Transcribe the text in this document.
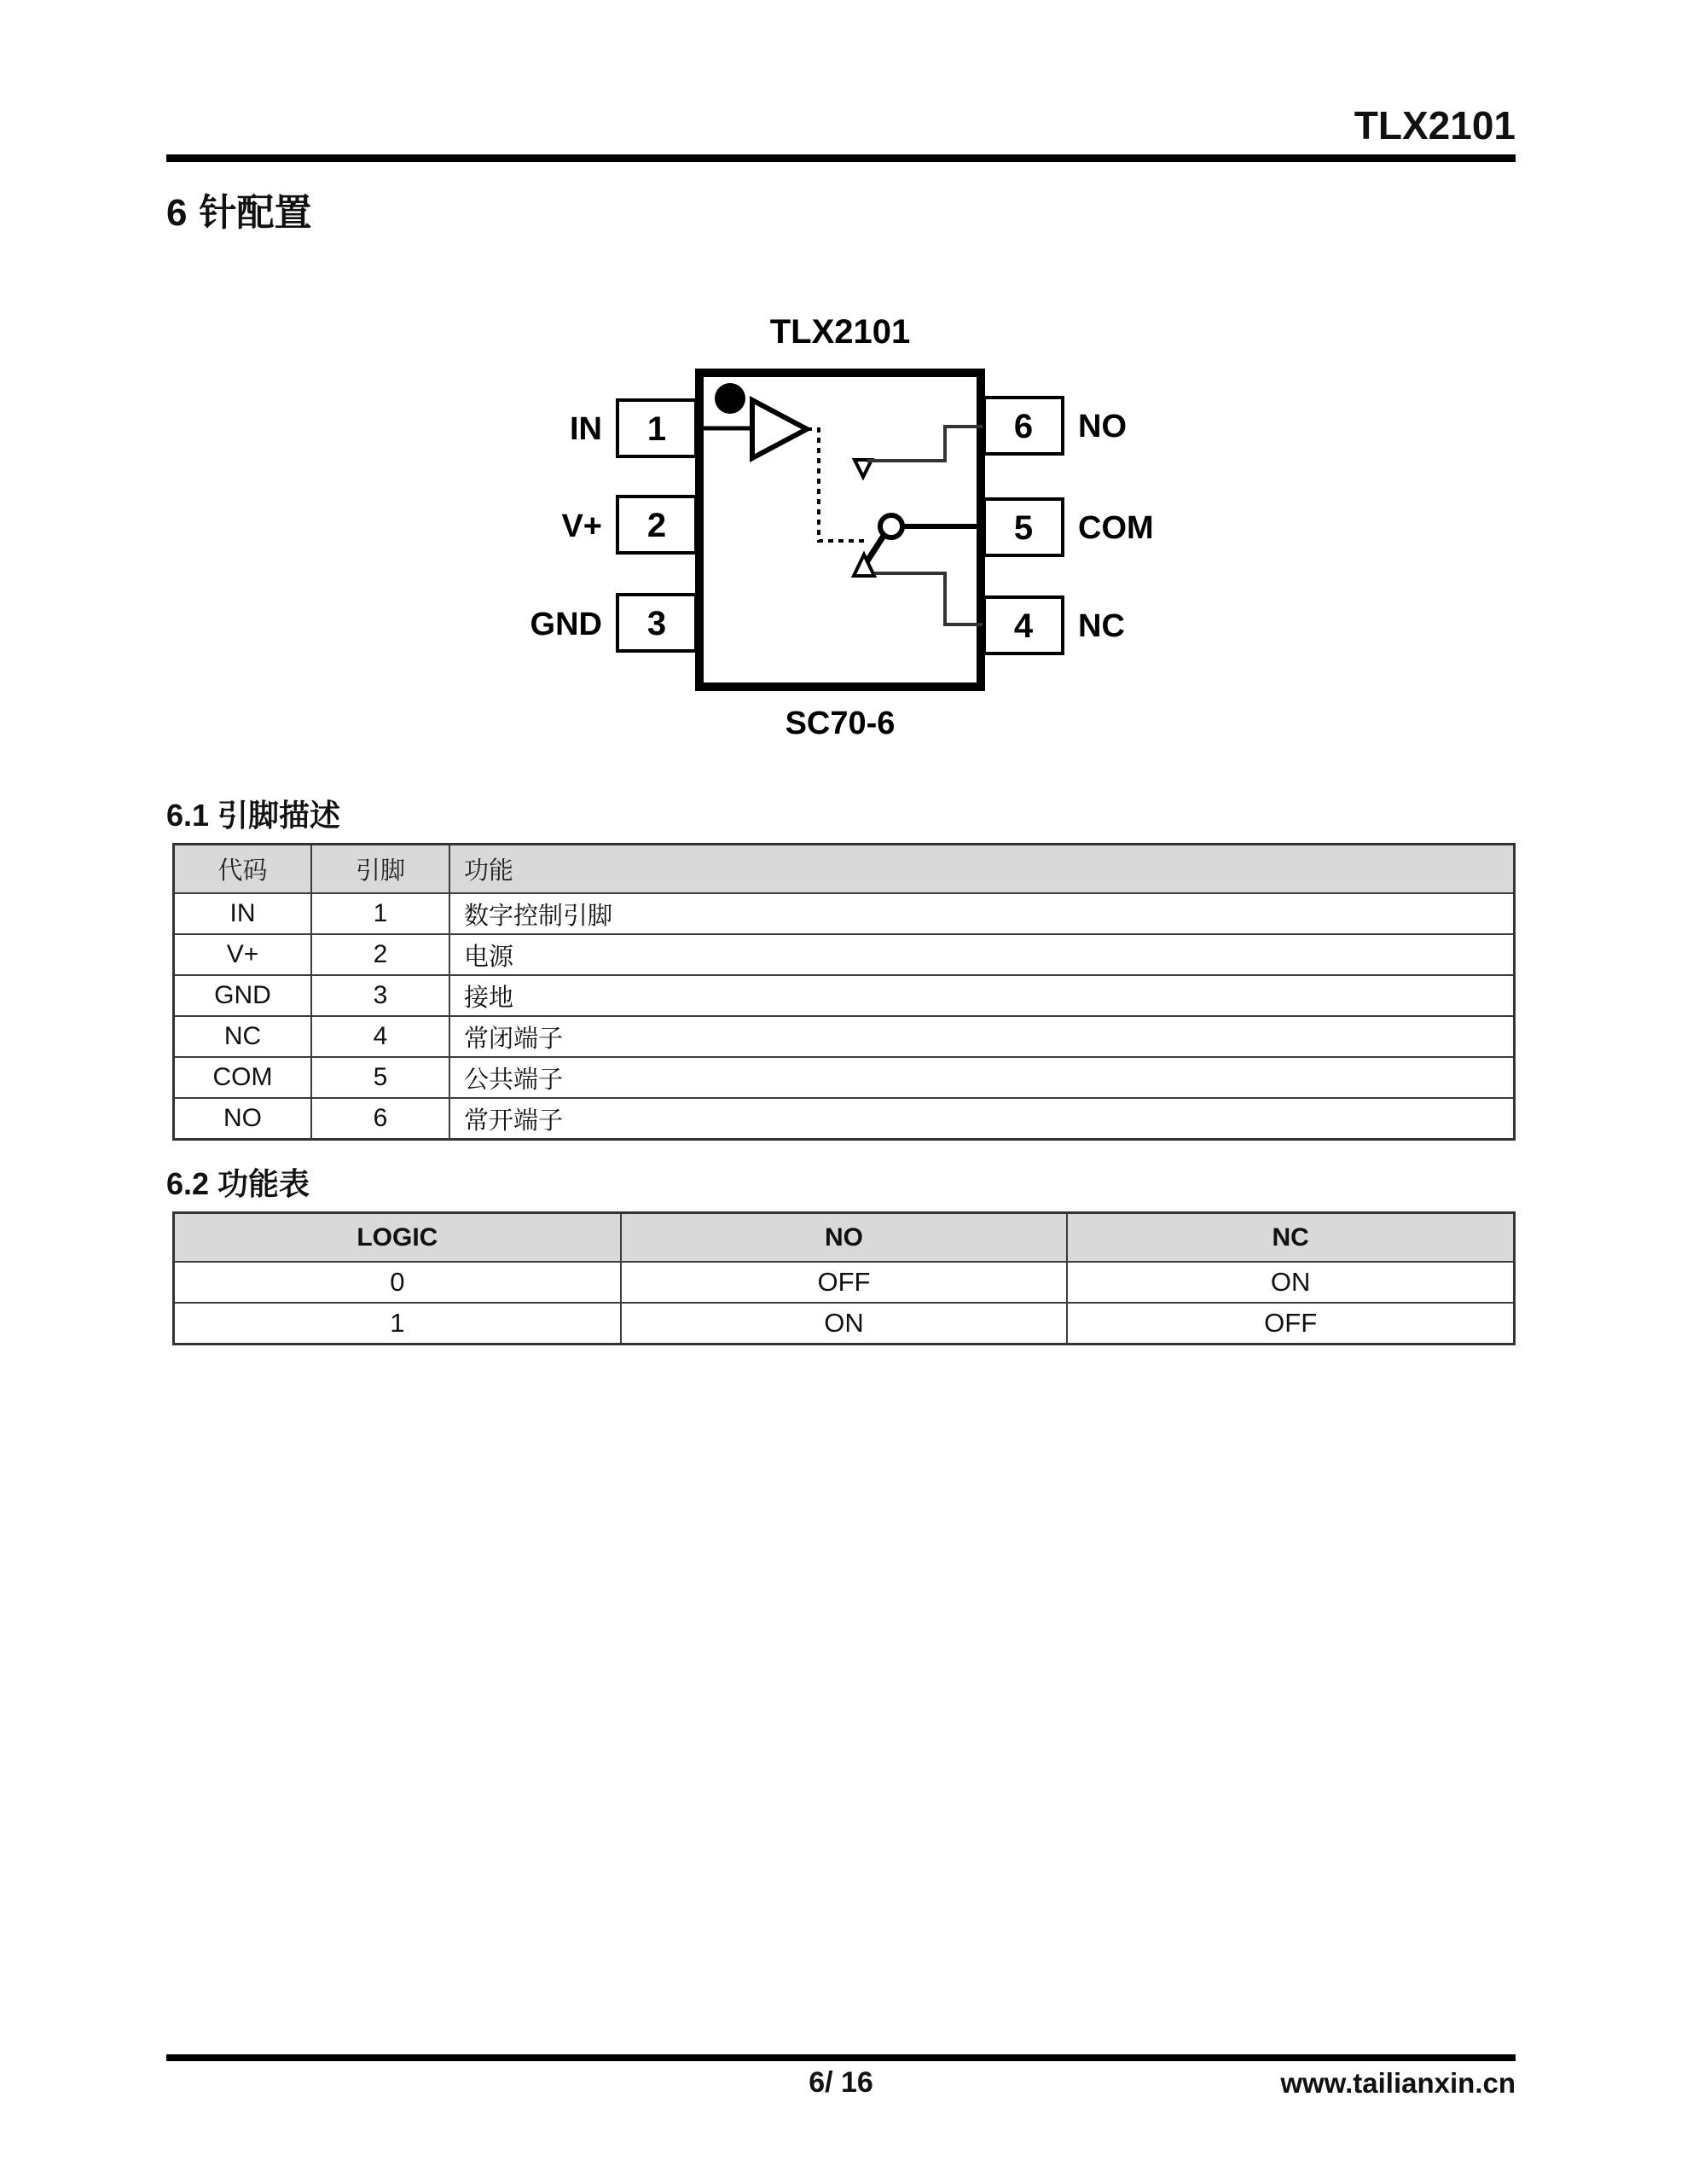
TLX2101
6 针配置
TLX2101
1
2
3
6
5
4
IN
V+
GND
NO
COM
NC
SC70-6
6.1 引脚描述
代码	引脚	功能
IN	1	数字控制引脚
V+	2	电源
GND	3	接地
NC	4	常闭端子
COM	5	公共端子
NO	6	常开端子
6.2 功能表
LOGIC	NO	NC
0	OFF	ON
1	ON	OFF
6/ 16	www.tailianxin.cn
